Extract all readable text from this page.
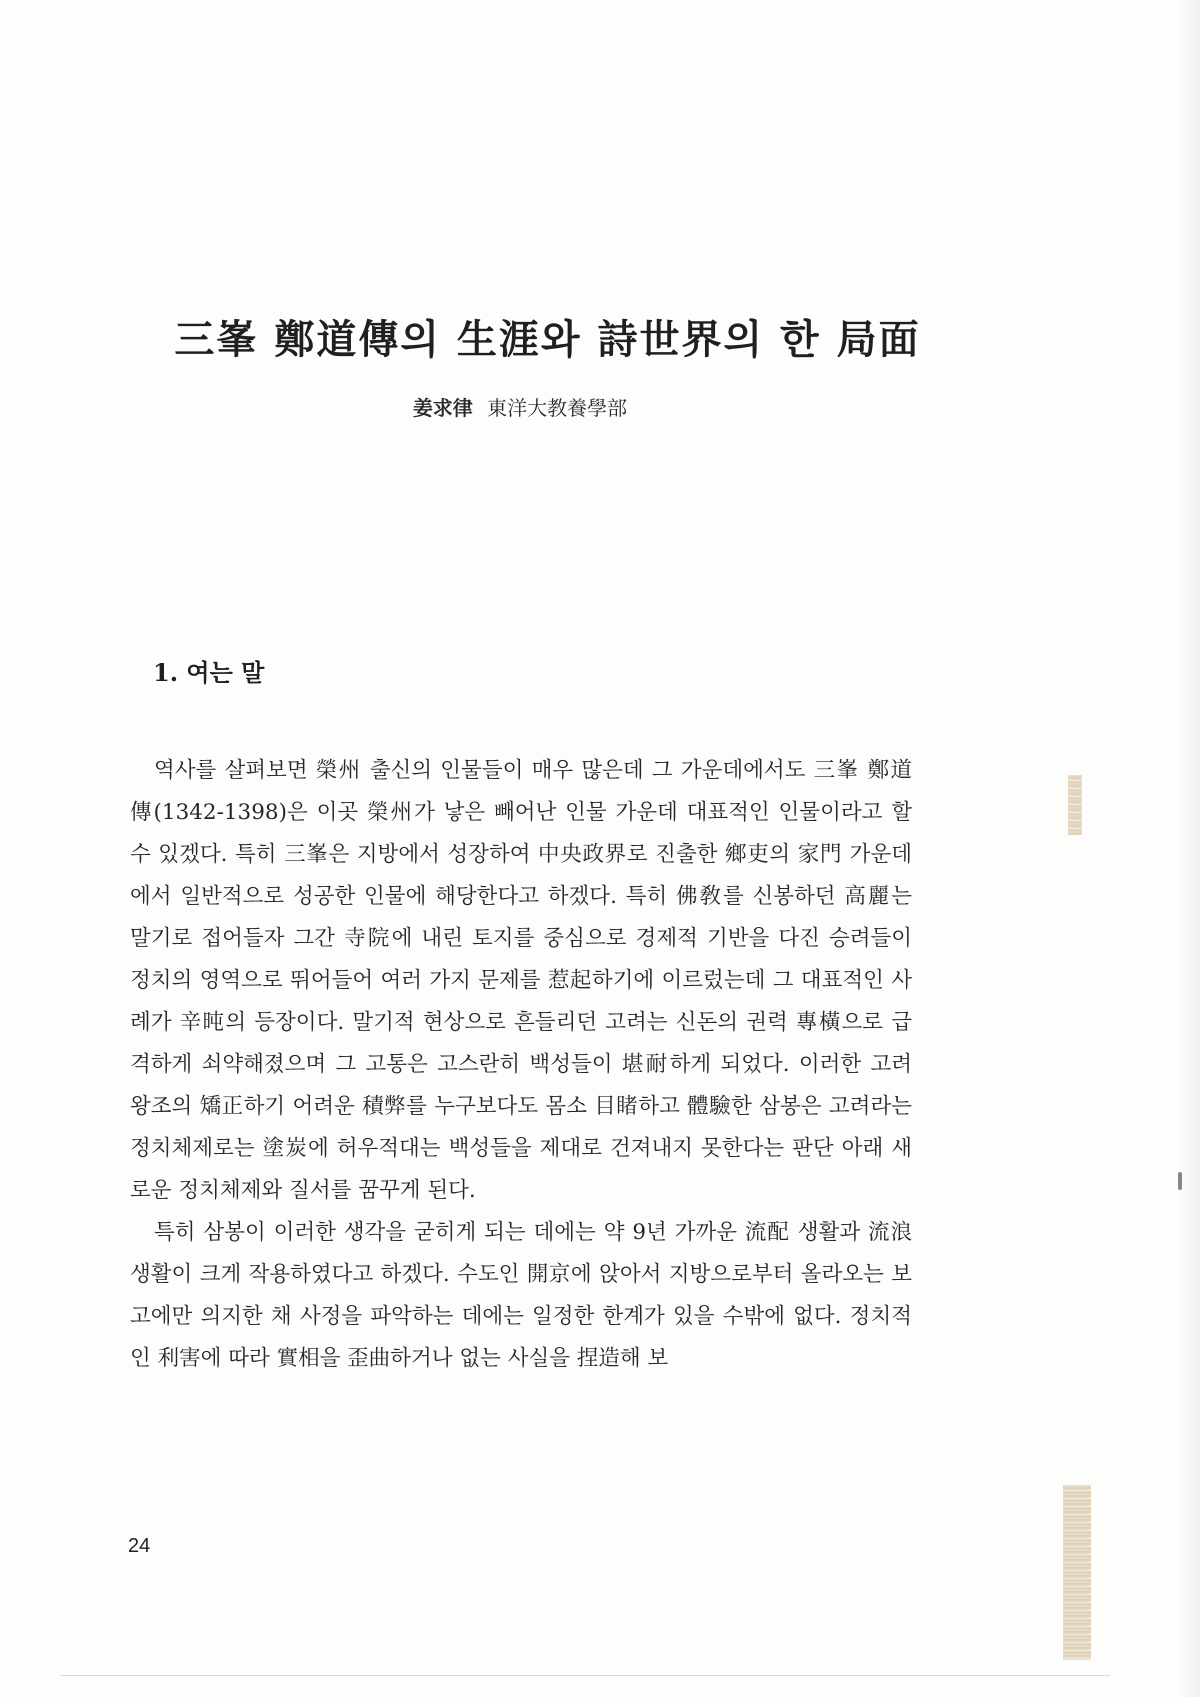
三峯 鄭道傳의 生涯와 詩世界의 한 局面
姜求律 東洋大教養學部
1. 여는 말

역사를 살펴보면 榮州 출신의 인물들이 매우 많은데 그 가운데에서도 三峯 鄭道傳(1342-1398)은 이곳 榮州가 낳은 빼어난 인물 가운데 대표적인 인물이라고 할 수 있겠다. 특히 三峯은 지방에서 성장하여 中央政界로 진출한 鄉吏의 家門 가운데에서 일반적으로 성공한 인물에 해당한다고 하겠다. 특히 佛敎를 신봉하던 高麗는 말기로 접어들자 그간 寺院에 내린 토지를 중심으로 경제적 기반을 다진 승려들이 정치의 영역으로 뛰어들어 여러 가지 문제를 惹起하기에 이르렀는데 그 대표적인 사례가 辛旽의 등장이다. 말기적 현상으로 흔들리던 고려는 신돈의 권력 專橫으로 급격하게 쇠약해졌으며 그 고통은 고스란히 백성들이 堪耐하게 되었다. 이러한 고려 왕조의 矯正하기 어려운 積弊를 누구보다도 몸소 目睹하고 體驗한 삼봉은 고려라는 정치체제로는 塗炭에 허우적대는 백성들을 제대로 건져내지 못한다는 판단 아래 새로운 정치체제와 질서를 꿈꾸게 된다.

특히 삼봉이 이러한 생각을 굳히게 되는 데에는 약 9년 가까운 流配 생활과 流浪 생활이 크게 작용하였다고 하겠다. 수도인 開京에 앉아서 지방으로부터 올라오는 보고에만 의지한 채 사정을 파악하는 데에는 일정한 한계가 있을 수밖에 없다. 정치적인 利害에 따라 實相을 歪曲하거나 없는 사실을 捏造해 보

24
